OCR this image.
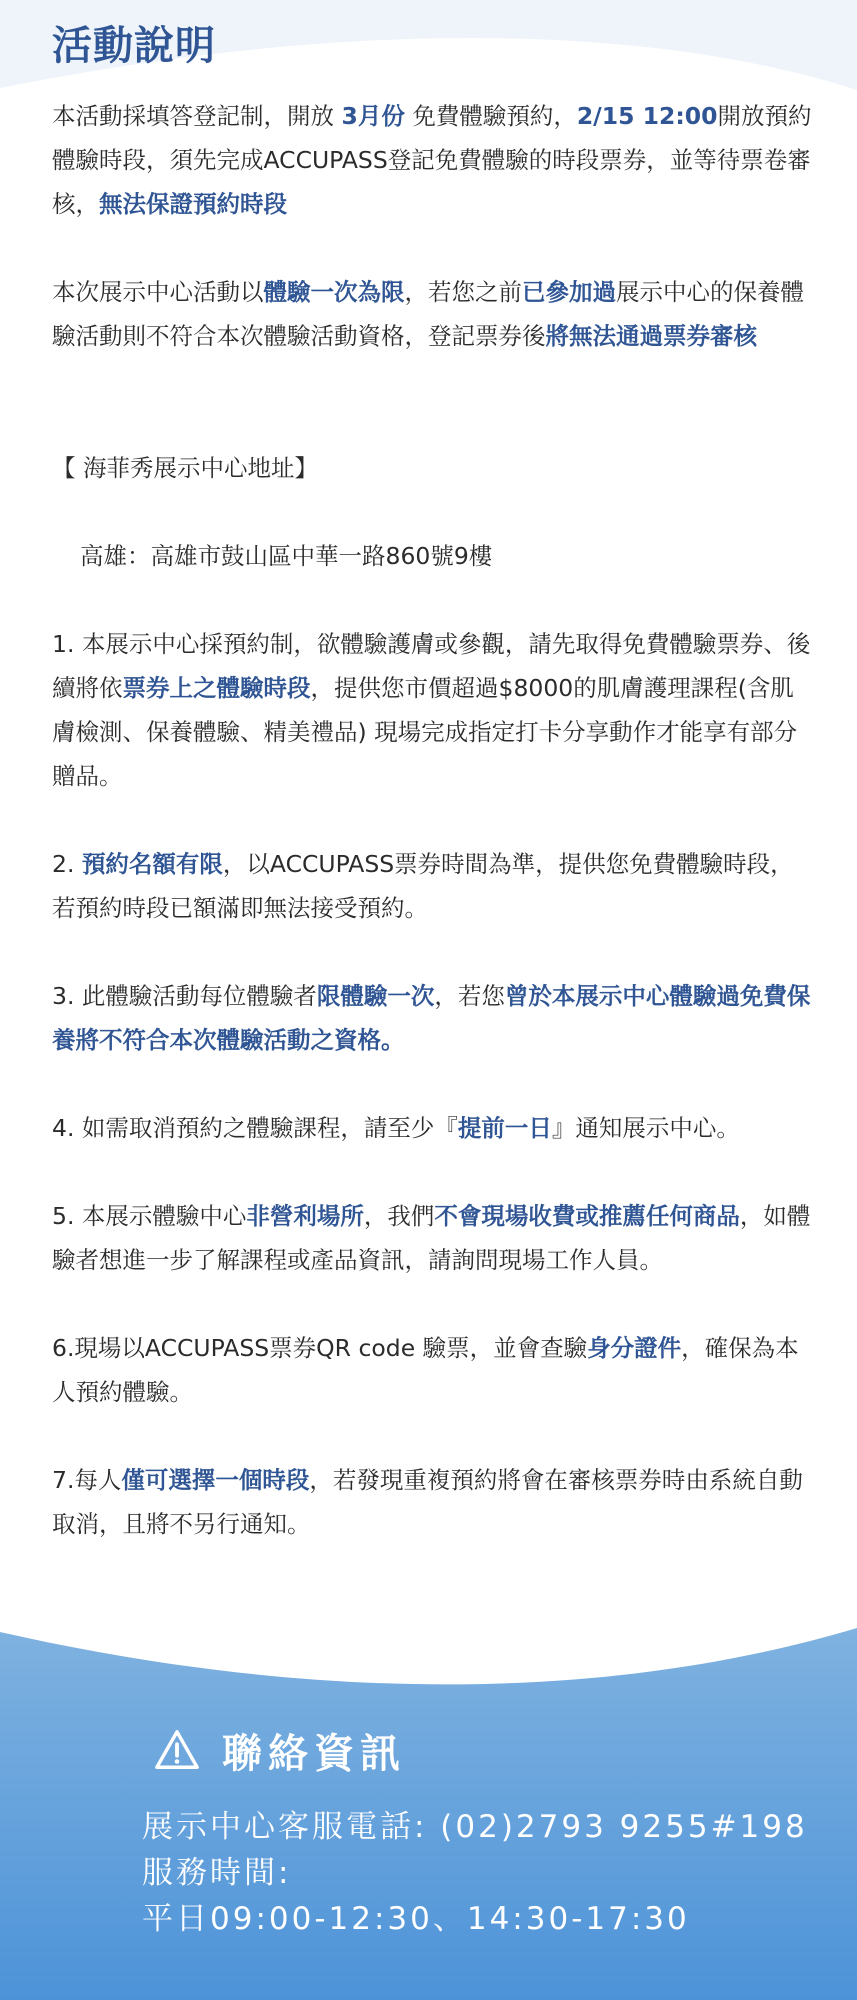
活動說明

本活動採填答登記制，開放 3月份 免費體驗預約，2/15 12:00開放預約體驗時段，須先完成ACCUPASS登記免費體驗的時段票券，並等待票卷審核，無法保證預約時段

本次展示中心活動以體驗一次為限，若您之前已參加過展示中心的保養體驗活動則不符合本次體驗活動資格，登記票券後將無法通過票券審核

【 海菲秀展示中心地址】

高雄：高雄市鼓山區中華一路860號9樓

1. 本展示中心採預約制，欲體驗護膚或參觀，請先取得免費體驗票券、後續將依票券上之體驗時段，提供您市價超過$8000的肌膚護理課程(含肌膚檢測、保養體驗、精美禮品) 現場完成指定打卡分享動作才能享有部分贈品。

2. 預約名額有限，以ACCUPASS票券時間為準，提供您免費體驗時段，若預約時段已額滿即無法接受預約。

3. 此體驗活動每位體驗者限體驗一次，若您曾於本展示中心體驗過免費保養將不符合本次體驗活動之資格。

4. 如需取消預約之體驗課程，請至少『提前一日』通知展示中心。

5. 本展示體驗中心非營利場所，我們不會現場收費或推薦任何商品，如體驗者想進一步了解課程或產品資訊，請詢問現場工作人員。

6.現場以ACCUPASS票券QR code 驗票，並會查驗身分證件，確保為本人預約體驗。

7.每人僅可選擇一個時段，若發現重複預約將會在審核票券時由系統自動取消，且將不另行通知。

聯絡資訊
展示中心客服電話: (02)2793 9255#198
服務時間:
平日09:00-12:30、14:30-17:30
